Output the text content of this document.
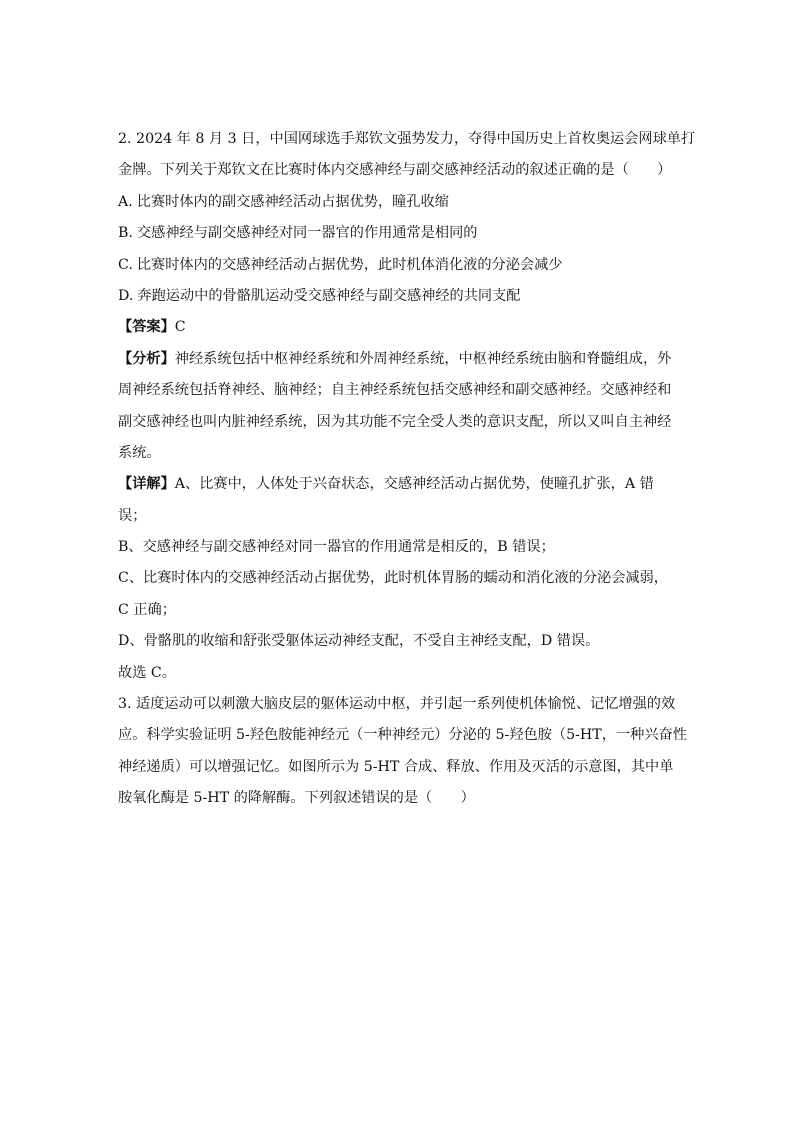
2. 2024 年 8 月 3 日，中国网球选手郑钦文强势发力，夺得中国历史上首枚奥运会网球单打
金牌。下列关于郑钦文在比赛时体内交感神经与副交感神经活动的叙述正确的是（　　）
A. 比赛时体内的副交感神经活动占据优势，瞳孔收缩
B. 交感神经与副交感神经对同一器官的作用通常是相同的
C. 比赛时体内的交感神经活动占据优势，此时机体消化液的分泌会减少
D. 奔跑运动中的骨骼肌运动受交感神经与副交感神经的共同支配
【答案】C
【分析】神经系统包括中枢神经系统和外周神经系统，中枢神经系统由脑和脊髓组成，外
周神经系统包括脊神经、脑神经；自主神经系统包括交感神经和副交感神经。交感神经和
副交感神经也叫内脏神经系统，因为其功能不完全受人类的意识支配，所以又叫自主神经
系统。
【详解】A、比赛中，人体处于兴奋状态，交感神经活动占据优势，使瞳孔扩张，A 错
误；
B、交感神经与副交感神经对同一器官的作用通常是相反的，B 错误；
C、比赛时体内的交感神经活动占据优势，此时机体胃肠的蠕动和消化液的分泌会减弱，
C 正确；
D、骨骼肌的收缩和舒张受躯体运动神经支配，不受自主神经支配，D 错误。
故选 C。
3. 适度运动可以刺激大脑皮层的躯体运动中枢，并引起一系列使机体愉悦、记忆增强的效
应。科学实验证明 5-羟色胺能神经元（一种神经元）分泌的 5-羟色胺（5-HT，一种兴奋性
神经递质）可以增强记忆。如图所示为 5-HT 合成、释放、作用及灭活的示意图，其中单
胺氧化酶是 5-HT 的降解酶。下列叙述错误的是（　　）
